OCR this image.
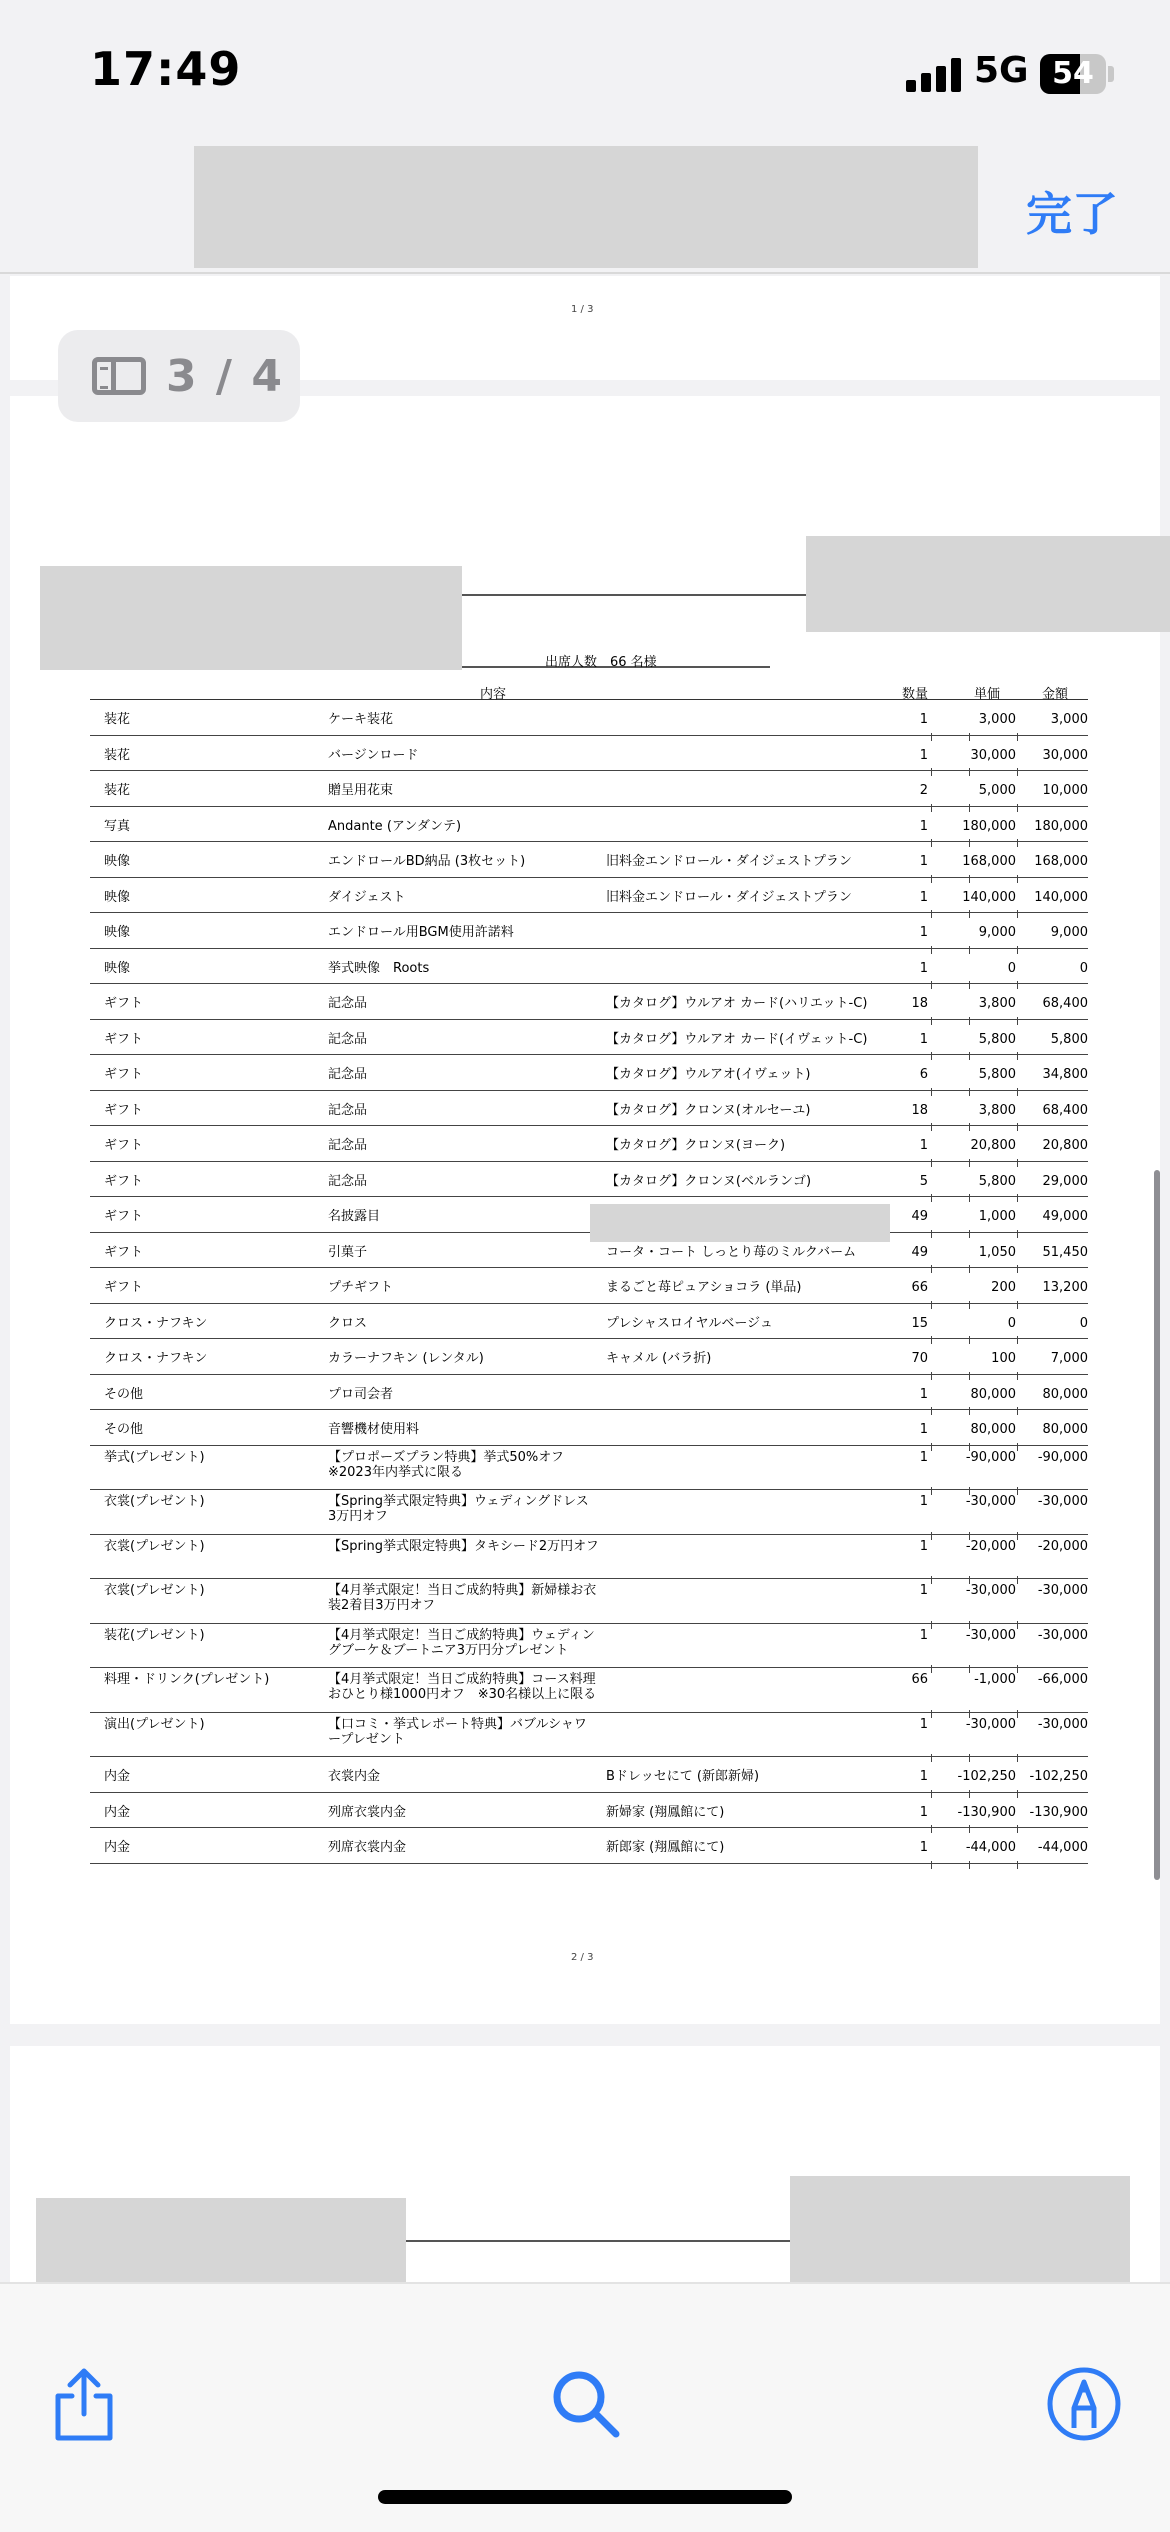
17:49	5G 54
完了
1 / 3
2 / 3
出席人数　66 名様
内容	数量	単価	金額
装花	ケーキ装花	1	3,000	3,000
装花	バージンロード	1	30,000 30,000
装花	贈呈用花束	2	5,000 10,000
写真	Andante (アンダンテ)	1	180,000 180,000
映像	エンドロールBD納品 (3枚セット)	旧料金エンドロール・ダイジェストプラン	1	168,000 168,000
映像	ダイジェスト	旧料金エンドロール・ダイジェストプラン	1	140,000 140,000
映像	エンドロール用BGM使用許諾料	1	9,000	9,000
映像	挙式映像　Roots	1	0	0
ギフト	記念品	【カタログ】ウルアオ カード(ハリエット-C)	18	3,800 68,400
ギフト	記念品	【カタログ】ウルアオ カード(イヴェット-C)	1	5,800	5,800
ギフト	記念品	【カタログ】ウルアオ(イヴェット)	6	5,800 34,800
ギフト	記念品	【カタログ】クロンヌ(オルセーユ)	18	3,800 68,400
ギフト	記念品	【カタログ】クロンヌ(ヨーク)	1	20,800 20,800
ギフト	記念品	【カタログ】クロンヌ(ベルランゴ)	5	5,800 29,000
ギフト	名披露目	49	1,000 49,000
ギフト	引菓子	コータ・コート しっとり苺のミルクバーム	49	1,050 51,450
ギフト	プチギフト	まるごと苺ピュアショコラ (単品)	66	200 13,200
クロス・ナフキン	クロス	プレシャスロイヤルベージュ	15	0	0
クロス・ナフキン	カラーナフキン (レンタル)	キャメル (バラ折)	70	100	7,000
その他	プロ司会者	1	80,000 80,000
その他	音響機材使用料	1	80,000 80,000
挙式(プレゼント)	【プロポーズプラン特典】挙式50%オフ	1	-90,000 -90,000
※2023年内挙式に限る
衣裳(プレゼント)	【Spring挙式限定特典】ウェディングドレス	1	-30,000 -30,000
3万円オフ
衣裳(プレゼント)	【Spring挙式限定特典】タキシード2万円オフ	1	-20,000 -20,000
衣裳(プレゼント)	【4月挙式限定！当日ご成約特典】新婦様お衣	1	-30,000 -30,000
装2着目3万円オフ
装花(プレゼント)	【4月挙式限定！当日ご成約特典】ウェディン	1	-30,000 -30,000
グブーケ＆ブートニア3万円分プレゼント
料理・ドリンク(プレゼント)	【4月挙式限定！当日ご成約特典】コース料理	66	-1,000 -66,000
おひとり様1000円オフ　※30名様以上に限る
演出(プレゼント)	【口コミ・挙式レポート特典】バブルシャワ	1	-30,000 -30,000
ープレゼント
内金	衣裳内金	Bドレッセにて (新郎新婦)	1 -102,250 -102,250
内金	列席衣裳内金	新婦家 (翔鳳館にて)	1 -130,900 -130,900
内金	列席衣裳内金	新郎家 (翔鳳館にて)	1	-44,000 -44,000
3 / 4
